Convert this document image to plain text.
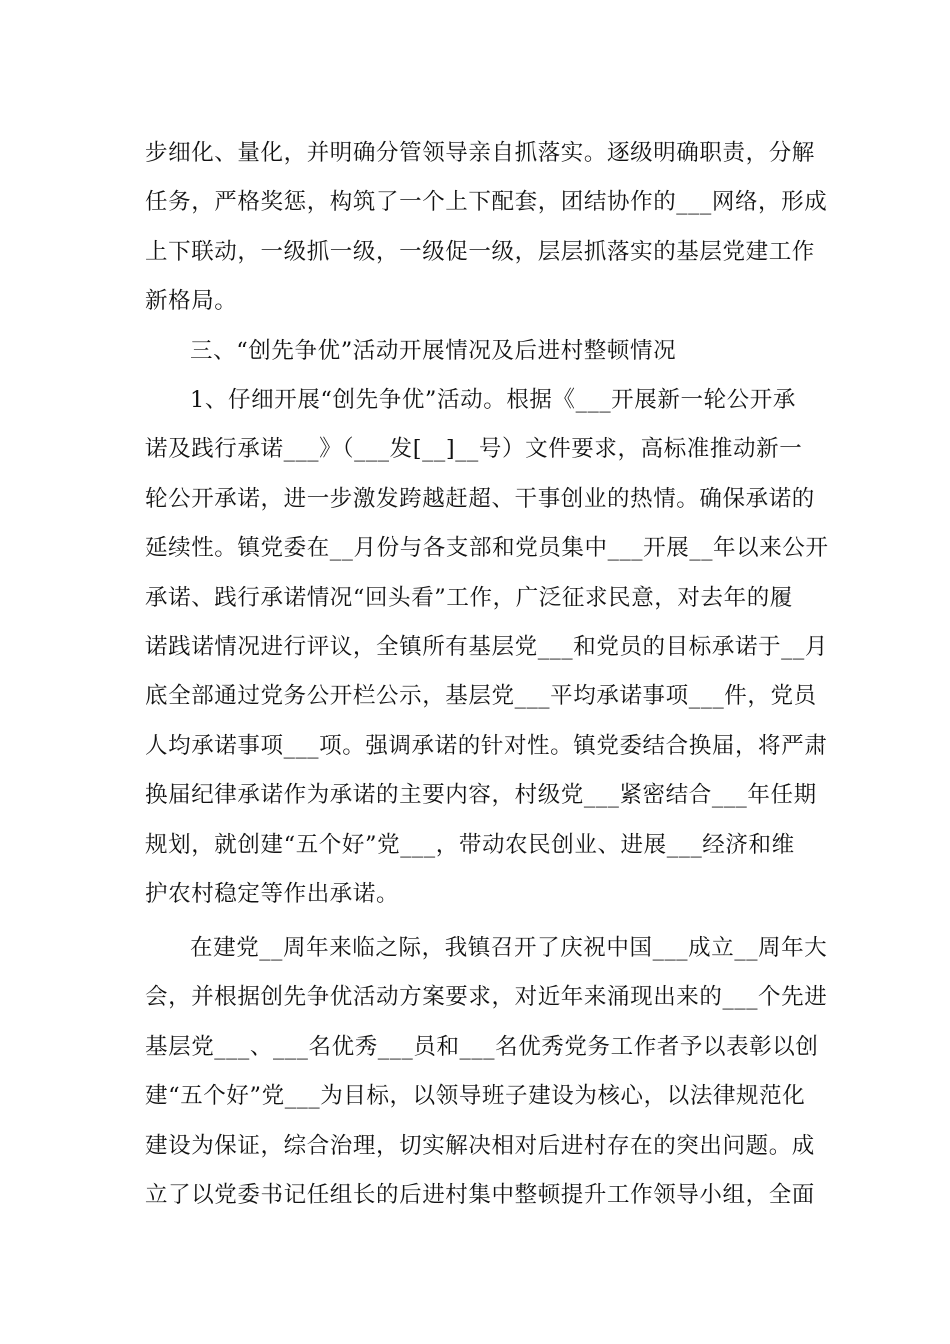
步细化、量化，并明确分管领导亲自抓落实。逐级明确职责，分解
任务，严格奖惩，构筑了一个上下配套，团结协作的___网络，形成
上下联动，一级抓一级，一级促一级，层层抓落实的基层党建工作
新格局。
三、“创先争优”活动开展情况及后进村整顿情况
1、仔细开展“创先争优”活动。根据《___开展新一轮公开承
诺及践行承诺___》（___发[__]__号）文件要求，高标准推动新一
轮公开承诺，进一步激发跨越赶超、干事创业的热情。确保承诺的
延续性。镇党委在__月份与各支部和党员集中___开展__年以来公开
承诺、践行承诺情况“回头看”工作，广泛征求民意，对去年的履
诺践诺情况进行评议，全镇所有基层党___和党员的目标承诺于__月
底全部通过党务公开栏公示，基层党___平均承诺事项___件，党员
人均承诺事项___项。强调承诺的针对性。镇党委结合换届，将严肃
换届纪律承诺作为承诺的主要内容，村级党___紧密结合___年任期
规划，就创建“五个好”党___，带动农民创业、进展___经济和维
护农村稳定等作出承诺。
在建党__周年来临之际，我镇召开了庆祝中国___成立__周年大
会，并根据创先争优活动方案要求，对近年来涌现出来的___个先进
基层党___、___名优秀___员和___名优秀党务工作者予以表彰以创
建“五个好”党___为目标，以领导班子建设为核心，以法律规范化
建设为保证，综合治理，切实解决相对后进村存在的突出问题。成
立了以党委书记任组长的后进村集中整顿提升工作领导小组，全面
